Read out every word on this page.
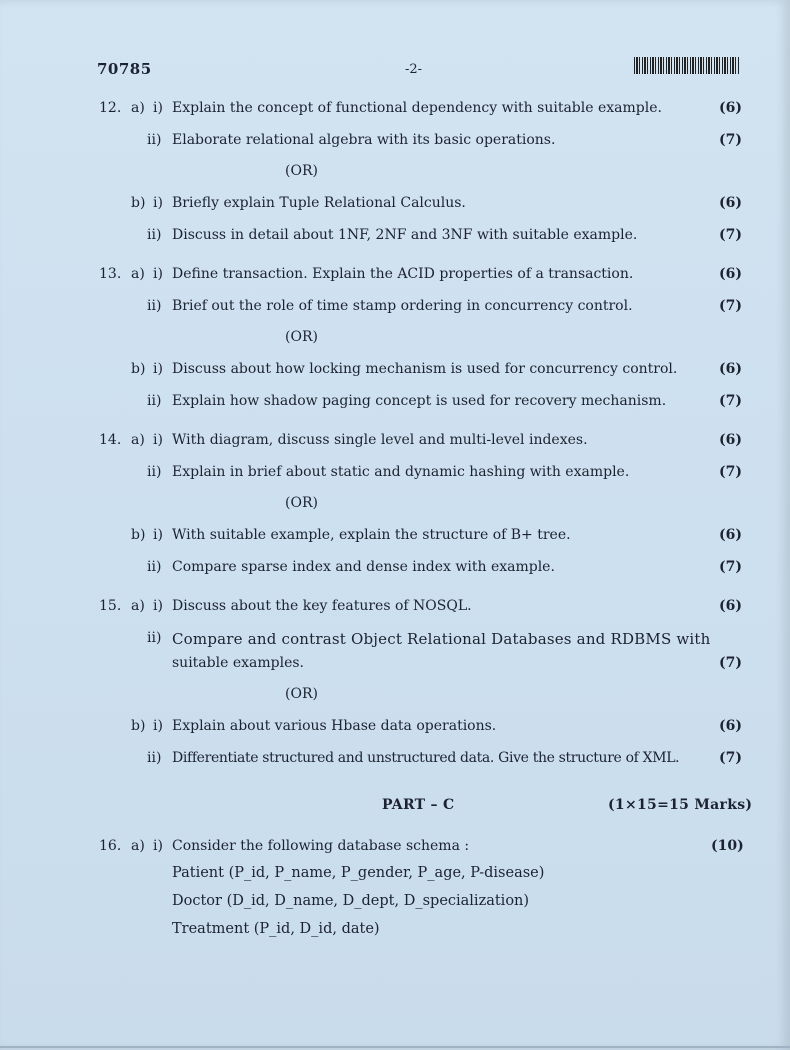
70785	-2-
12. a) i) Explain the concept of functional dependency with suitable example.	(6)
ii) Elaborate relational algebra with its basic operations.	(7)
(OR)
b) i) Briefly explain Tuple Relational Calculus.	(6)
ii) Discuss in detail about 1NF, 2NF and 3NF with suitable example.	(7)
13. a) i) Define transaction. Explain the ACID properties of a transaction.	(6)
ii) Brief out the role of time stamp ordering in concurrency control.	(7)
(OR)
b) i) Discuss about how locking mechanism is used for concurrency control.	(6)
ii) Explain how shadow paging concept is used for recovery mechanism.	(7)
14. a) i) With diagram, discuss single level and multi-level indexes.	(6)
ii) Explain in brief about static and dynamic hashing with example.	(7)
(OR)
b) i) With suitable example, explain the structure of B+ tree.	(6)
ii) Compare sparse index and dense index with example.	(7)
15. a) i) Discuss about the key features of NOSQL.	(6)
ii) Compare and contrast Object Relational Databases and RDBMS with
suitable examples.	(7)
(OR)
b) i) Explain about various Hbase data operations.	(6)
ii) Differentiate structured and unstructured data. Give the structure of XML.	(7)
PART – C	(1×15=15 Marks)
16. a) i) Consider the following database schema :	(10)
Patient (P_id, P_name, P_gender, P_age, P-disease)
Doctor (D_id, D_name, D_dept, D_specialization)
Treatment (P_id, D_id, date)
